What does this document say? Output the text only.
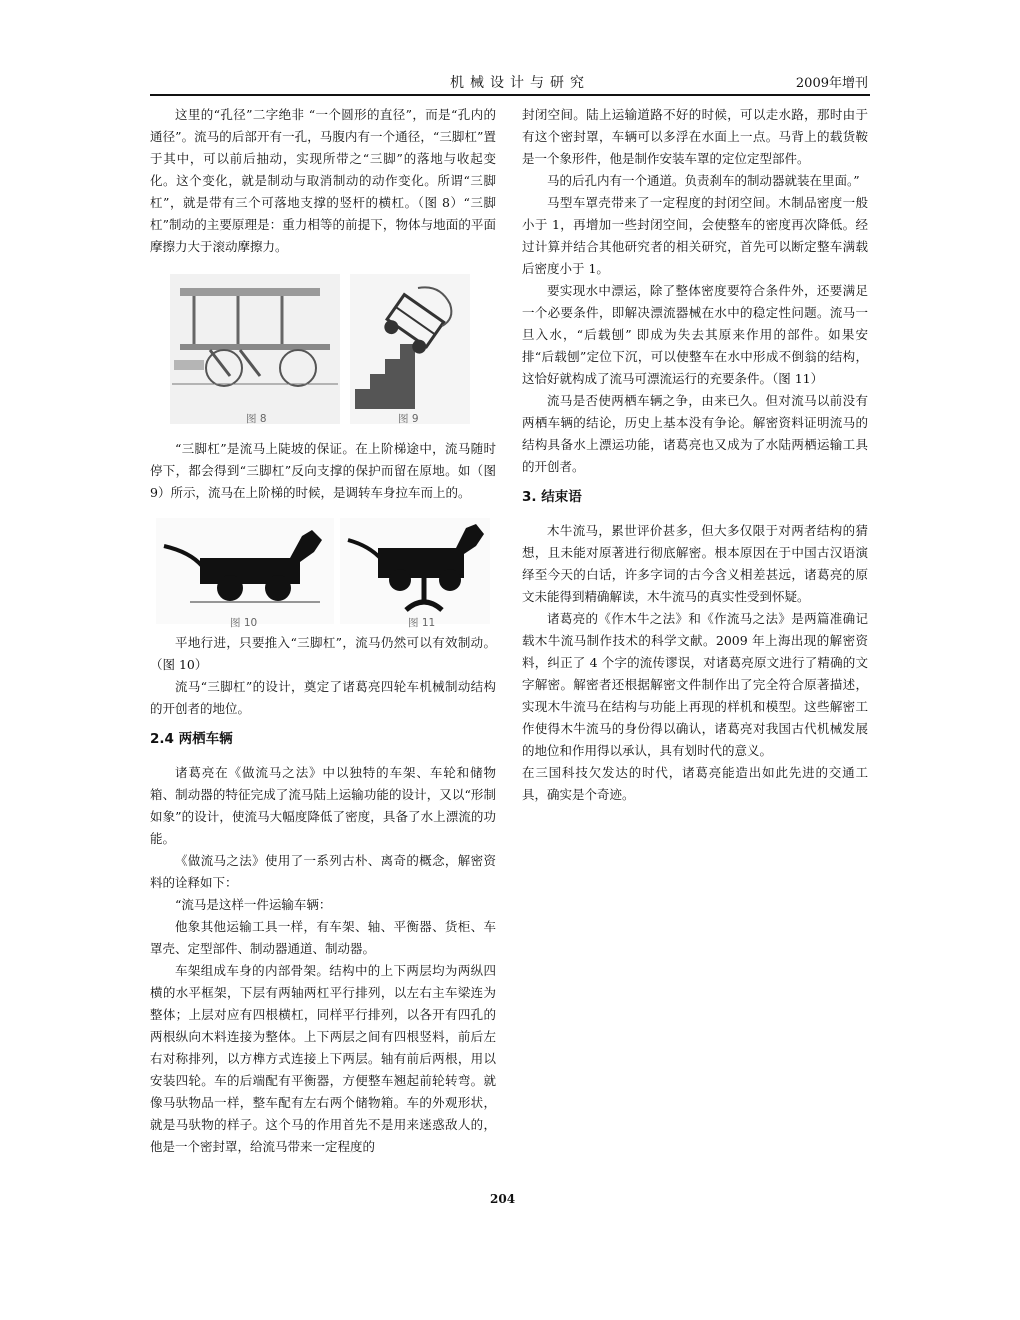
机械设计与研究	2009年增刊

这里的“孔径”二字绝非 “一个圆形的直径”，而是“孔内的通径”。流马的后部开有一孔，马腹内有一个通径，“三脚杠”置于其中，可以前后抽动，实现所带之“三脚”的落地与收起变化。这个变化，就是制动与取消制动的动作变化。所谓“三脚杠”，就是带有三个可落地支撑的竖杆的横杠。（图 8）“三脚杠”制动的主要原理是：重力相等的前提下，物体与地面的平面摩擦力大于滚动摩擦力。

图 8	图 9

“三脚杠”是流马上陡坡的保证。在上阶梯途中，流马随时停下，都会得到“三脚杠”反向支撑的保护而留在原地。如（图 9）所示，流马在上阶梯的时候，是调转车身拉车而上的。

图 10	图 11

平地行进，只要推入“三脚杠”，流马仍然可以有效制动。（图 10）

流马“三脚杠”的设计，奠定了诸葛亮四轮车机械制动结构的开创者的地位。

2.4 两栖车辆

诸葛亮在《做流马之法》中以独特的车架、车轮和储物箱、制动器的特征完成了流马陆上运输功能的设计，又以“形制如象”的设计，使流马大幅度降低了密度，具备了水上漂流的功能。

《做流马之法》使用了一系列古朴、离奇的概念，解密资料的诠释如下：

“流马是这样一件运输车辆：

他象其他运输工具一样，有车架、轴、平衡器、货柜、车罩壳、定型部件、制动器通道、制动器。

车架组成车身的内部骨架。结构中的上下两层均为两纵四横的水平框架，下层有两轴两杠平行排列，以左右主车梁连为整体；上层对应有四根横杠，同样平行排列，以各开有四孔的两根纵向木料连接为整体。上下两层之间有四根竖料，前后左右对称排列，以方榫方式连接上下两层。轴有前后两根，用以安装四轮。车的后端配有平衡器，方便整车翘起前轮转弯。就像马驮物品一样，整车配有左右两个储物箱。车的外观形状，就是马驮物的样子。这个马的作用首先不是用来迷惑敌人的，他是一个密封罩，给流马带来一定程度的

封闭空间。陆上运输道路不好的时候，可以走水路，那时由于有这个密封罩，车辆可以多浮在水面上一点。马背上的载货鞍是一个象形件，他是制作安装车罩的定位定型部件。

马的后孔内有一个通道。负责刹车的制动器就装在里面。”

马型车罩壳带来了一定程度的封闭空间。木制品密度一般小于 1，再增加一些封闭空间，会使整车的密度再次降低。经过计算并结合其他研究者的相关研究，首先可以断定整车满载后密度小于 1。

要实现水中漂运，除了整体密度要符合条件外，还要满足一个必要条件，即解决漂流器械在水中的稳定性问题。流马一旦入水，“后载刨” 即成为失去其原来作用的部件。如果安排“后载刨”定位下沉，可以使整车在水中形成不倒翁的结构，这恰好就构成了流马可漂流运行的充要条件。（图 11）

流马是否使两栖车辆之争，由来已久。但对流马以前没有两栖车辆的结论，历史上基本没有争论。解密资料证明流马的结构具备水上漂运功能，诸葛亮也又成为了水陆两栖运输工具的开创者。

3. 结束语

木牛流马，累世评价甚多，但大多仅限于对两者结构的猜想，且未能对原著进行彻底解密。根本原因在于中国古汉语演绎至今天的白话，许多字词的古今含义相差甚远，诸葛亮的原文未能得到精确解读，木牛流马的真实性受到怀疑。

诸葛亮的《作木牛之法》和《作流马之法》是两篇准确记载木牛流马制作技术的科学文献。2009 年上海出现的解密资料，纠正了 4 个字的流传谬误，对诸葛亮原文进行了精确的文字解密。解密者还根据解密文件制作出了完全符合原著描述，实现木牛流马在结构与功能上再现的样机和模型。这些解密工作使得木牛流马的身份得以确认，诸葛亮对我国古代机械发展的地位和作用得以承认，具有划时代的意义。

在三国科技欠发达的时代，诸葛亮能造出如此先进的交通工具，确实是个奇迹。

204
